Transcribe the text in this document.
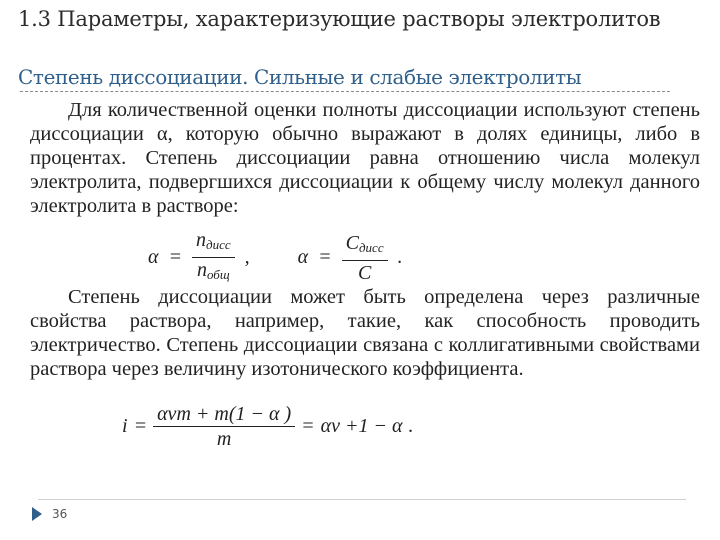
1.3 Параметры, характеризующие растворы электролитов
Степень диссоциации. Сильные и слабые электролиты
Для количественной оценки полноты диссоциации используют степень диссоциации α, которую обычно выражают в долях единицы, либо в процентах. Степень диссоциации равна отношению числа молекул электролита, подвергшихся диссоциации к общему числу молекул данного электролита в растворе:
$\alpha = \frac{n_{дисс}}{n_{общ}}$ , $\alpha = \frac{C_{дисс}}{C}$ .
Степень диссоциации может быть определена через различные свойства раствора, например, такие, как способность проводить электричество. Степень диссоциации связана с коллигативными свойствами раствора через величину изотонического коэффициента.
$i = \frac{\text{ανm + m(1 − α )}}{m} = \alpha\nu +1 - \alpha$ .
36
